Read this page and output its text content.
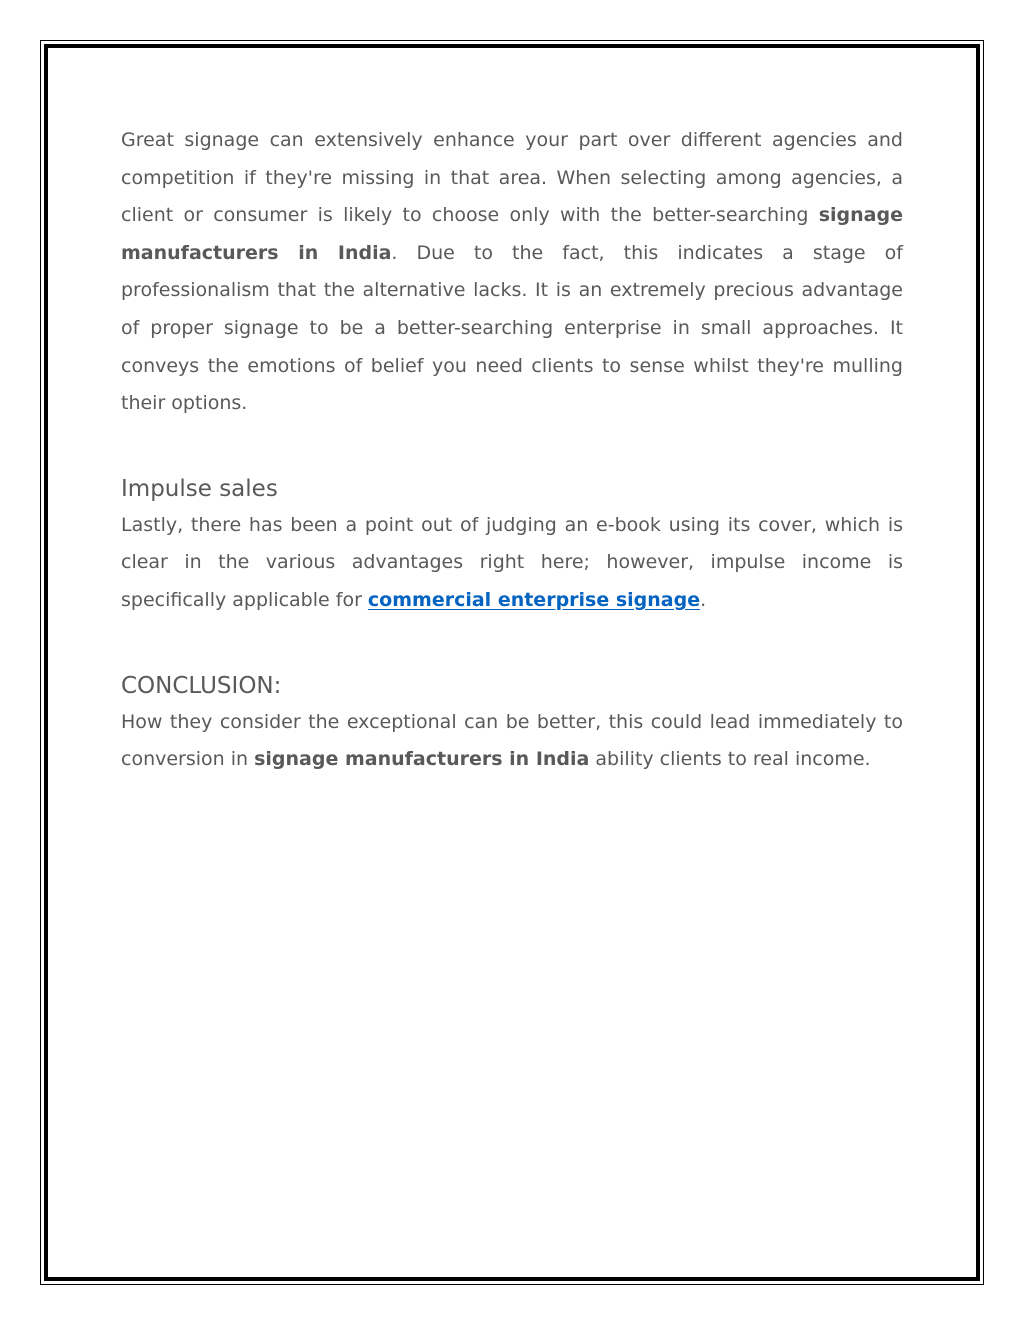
Great signage can extensively enhance your part over different agencies and competition if they're missing in that area. When selecting among agencies, a client or consumer is likely to choose only with the better-searching signage manufacturers in India. Due to the fact, this indicates a stage of professionalism that the alternative lacks. It is an extremely precious advantage of proper signage to be a better-searching enterprise in small approaches. It conveys the emotions of belief you need clients to sense whilst they're mulling their options.

Impulse sales

Lastly, there has been a point out of judging an e-book using its cover, which is clear in the various advantages right here; however, impulse income is specifically applicable for commercial enterprise signage.

CONCLUSION:

How they consider the exceptional can be better, this could lead immediately to conversion in signage manufacturers in India ability clients to real income.
